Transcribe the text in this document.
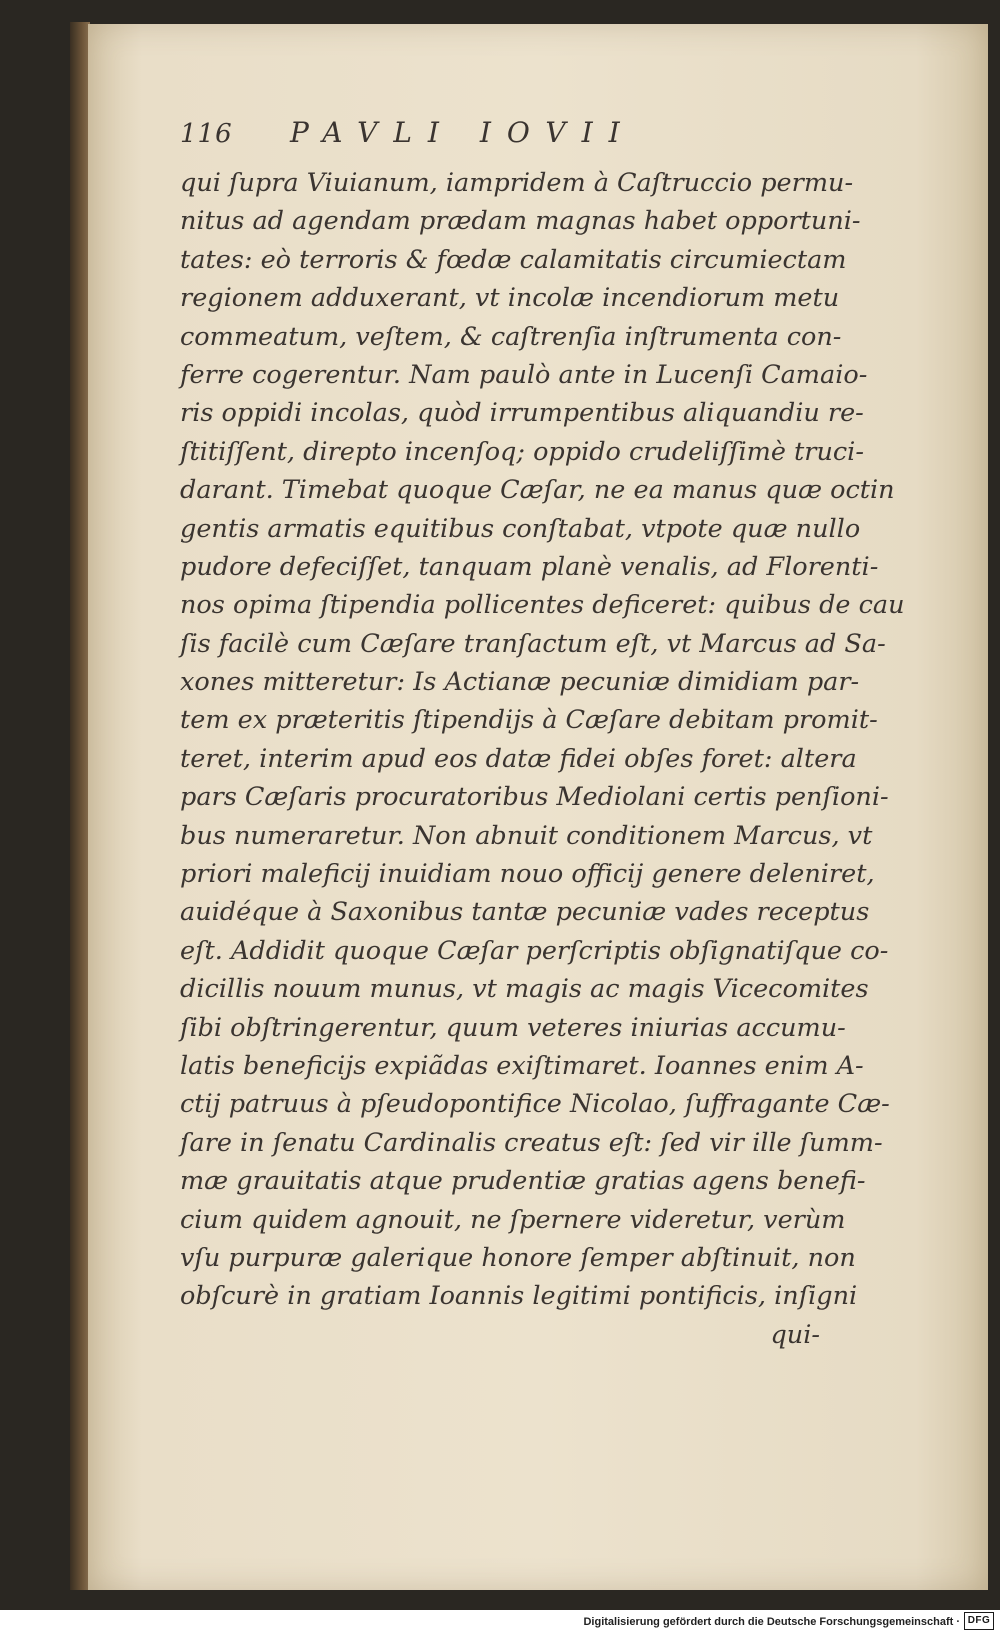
116	PAVLI IOVII
qui ſupra Viuianum, iampridem à Caſtruccio permu-
nitus ad agendam prædam magnas habet opportuni-
tates: eò terroris & fœdæ calamitatis circumiectam
regionem adduxerant, vt incolæ incendiorum metu
commeatum, veſtem, & caſtrenſia inſtrumenta con-
ferre cogerentur. Nam paulò ante in Lucenſi Camaio-
ris oppidi incolas, quòd irrumpentibus aliquandiu re-
ſtitiſſent, direpto incenſoq; oppido crudeliſſimè truci-
darant. Timebat quoque Cæſar, ne ea manus quæ octin
gentis armatis equitibus conſtabat, vtpote quæ nullo
pudore defeciſſet, tanquam planè venalis, ad Florenti-
nos opima ſtipendia pollicentes deficeret: quibus de cau
ſis facilè cum Cæſare tranſactum eſt, vt Marcus ad Sa-
xones mitteretur: Is Actianæ pecuniæ dimidiam par-
tem ex præteritis ſtipendijs à Cæſare debitam promit-
teret, interim apud eos datæ fidei obſes foret: altera
pars Cæſaris procuratoribus Mediolani certis penſioni-
bus numeraretur. Non abnuit conditionem Marcus, vt
priori maleficij inuidiam nouo officij genere deleniret,
auidéque à Saxonibus tantæ pecuniæ vades receptus
eſt. Addidit quoque Cæſar perſcriptis obſignatiſque co-
dicillis nouum munus, vt magis ac magis Vicecomites
ſibi obſtringerentur, quum veteres iniurias accumu-
latis beneficijs expiãdas exiſtimaret. Ioannes enim A-
ctij patruus à pſeudopontifice Nicolao, ſuffragante Cæ-
ſare in ſenatu Cardinalis creatus eſt: ſed vir ille ſumm-
mæ grauitatis atque prudentiæ gratias agens benefi-
cium quidem agnouit, ne ſpernere videretur, verùm
vſu purpuræ galerique honore ſemper abſtinuit, non
obſcurè in gratiam Ioannis legitimi pontificis, inſigni
qui-
Digitalisierung gefördert durch die Deutsche Forschungsgemeinschaft · DFG
